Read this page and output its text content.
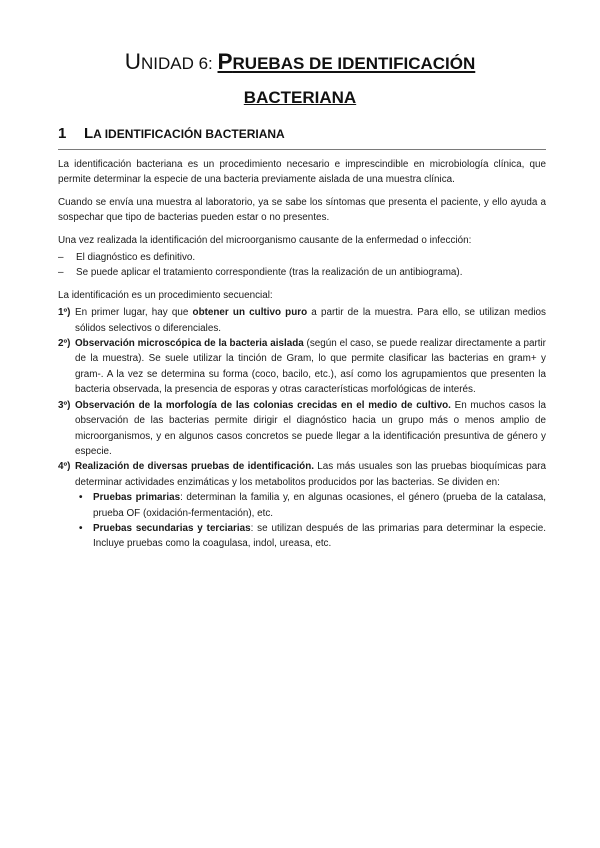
UNIDAD 6: PRUEBAS DE IDENTIFICACIÓN
BACTERIANA
1 LA IDENTIFICACIÓN BACTERIANA

La identificación bacteriana es un procedimiento necesario e imprescindible en microbiología clínica, que permite determinar la especie de una bacteria previamente aislada de una muestra clínica.

Cuando se envía una muestra al laboratorio, ya se sabe los síntomas que presenta el paciente, y ello ayuda a sospechar que tipo de bacterias pueden estar o no presentes.

Una vez realizada la identificación del microorganismo causante de la enfermedad o infección:

– El diagnóstico es definitivo.
– Se puede aplicar el tratamiento correspondiente (tras la realización de un antibiograma).

La identificación es un procedimiento secuencial:

1º) En primer lugar, hay que obtener un cultivo puro a partir de la muestra. Para ello, se utilizan medios sólidos selectivos o diferenciales.
2º) Observación microscópica de la bacteria aislada (según el caso, se puede realizar directamente a partir de la muestra). Se suele utilizar la tinción de Gram, lo que permite clasificar las bacterias en gram+ y gram-. A la vez se determina su forma (coco, bacilo, etc.), así como los agrupamientos que presenten la bacteria observada, la presencia de esporas y otras características morfológicas de interés.
3º) Observación de la morfología de las colonias crecidas en el medio de cultivo. En muchos casos la observación de las bacterias permite dirigir el diagnóstico hacia un grupo más o menos amplio de microorganismos, y en algunos casos concretos se puede llegar a la identificación presuntiva de género y especie.
4º) Realización de diversas pruebas de identificación. Las más usuales son las pruebas bioquímicas para determinar actividades enzimáticas y los metabolitos producidos por las bacterias. Se dividen en:
• Pruebas primarias: determinan la familia y, en algunas ocasiones, el género (prueba de la catalasa, prueba OF (oxidación-fermentación), etc.
• Pruebas secundarias y terciarias: se utilizan después de las primarias para determinar la especie. Incluye pruebas como la coagulasa, indol, ureasa, etc.
